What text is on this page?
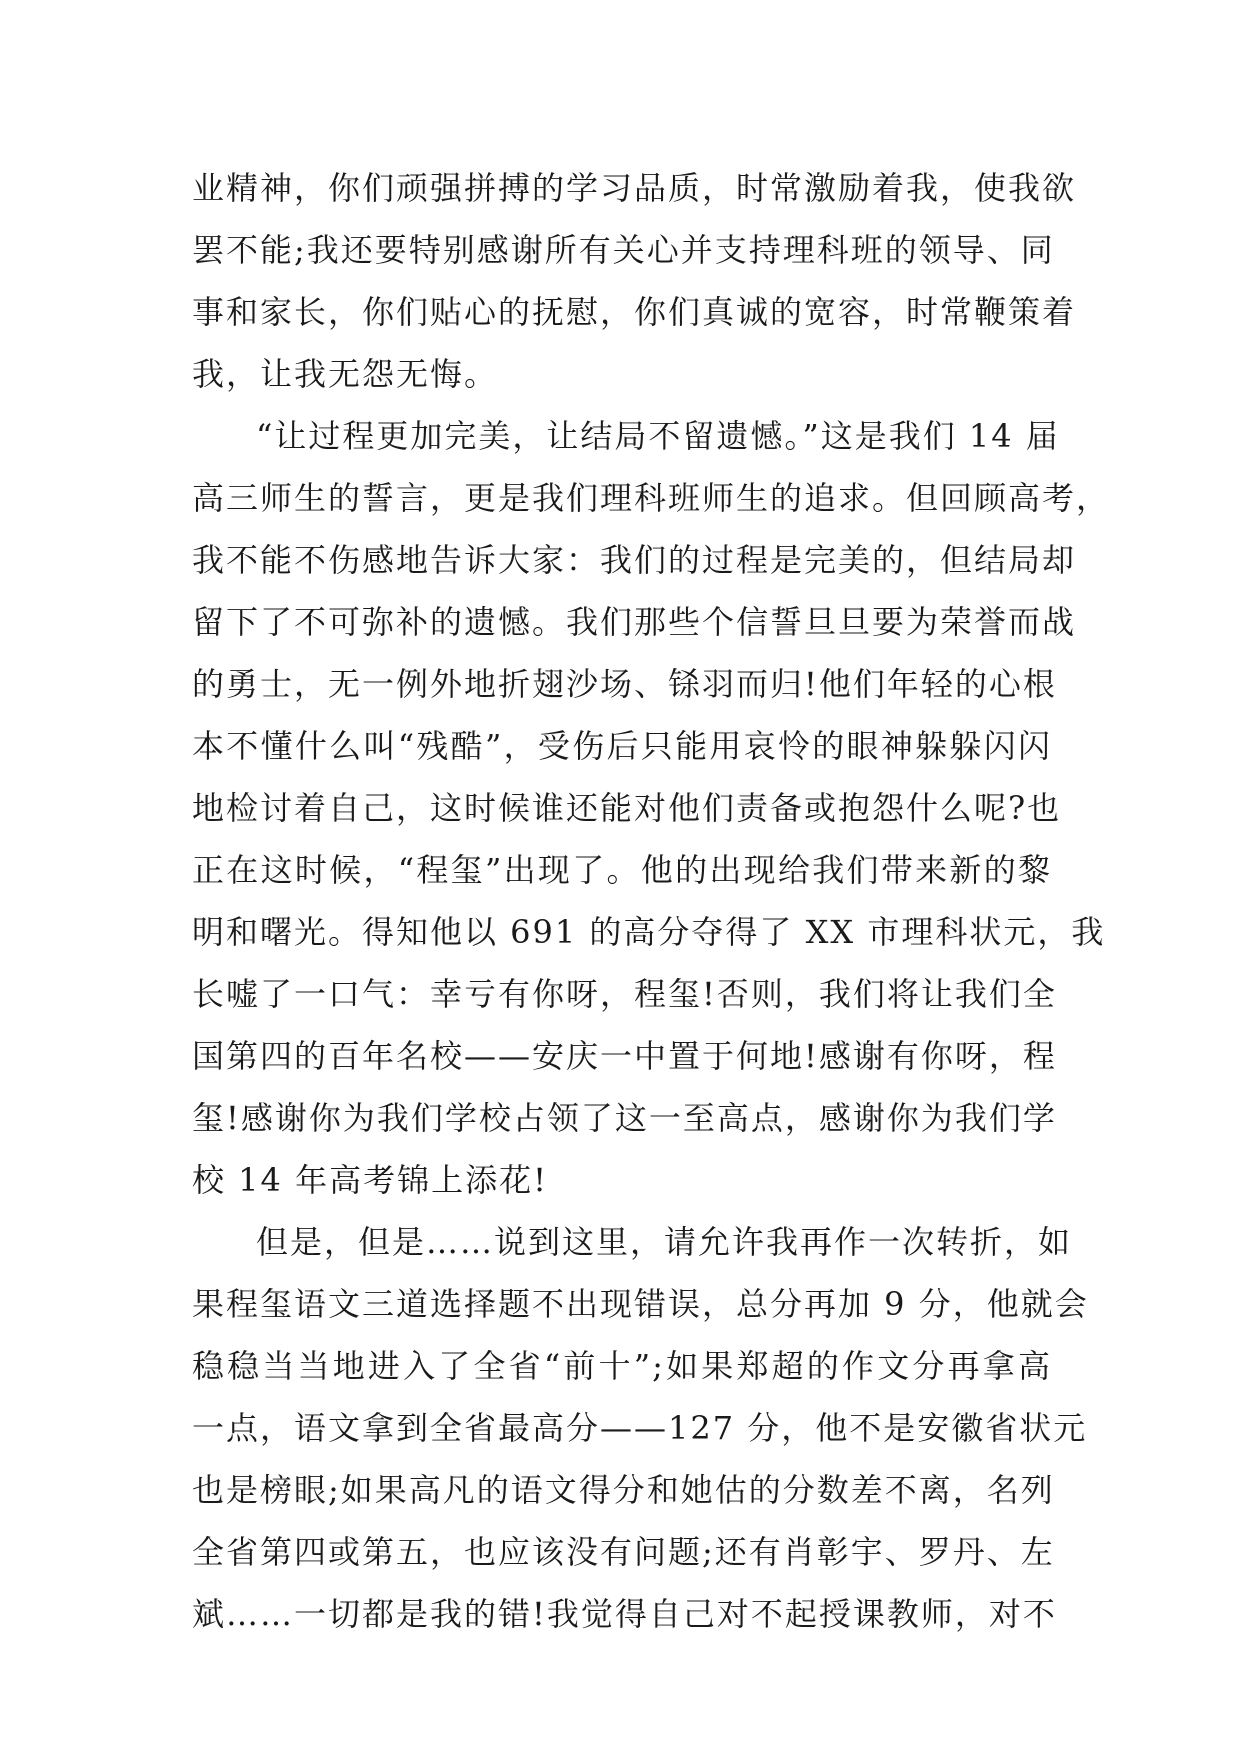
业精神，你们顽强拼搏的学习品质，时常激励着我，使我欲
罢不能;我还要特别感谢所有关心并支持理科班的领导、同
事和家长，你们贴心的抚慰，你们真诚的宽容，时常鞭策着
我，让我无怨无悔。
“让过程更加完美，让结局不留遗憾。”这是我们 14 届
高三师生的誓言，更是我们理科班师生的追求。但回顾高考，
我不能不伤感地告诉大家：我们的过程是完美的，但结局却
留下了不可弥补的遗憾。我们那些个信誓旦旦要为荣誉而战
的勇士，无一例外地折翅沙场、铩羽而归!他们年轻的心根
本不懂什么叫“残酷”，受伤后只能用哀怜的眼神躲躲闪闪
地检讨着自己，这时候谁还能对他们责备或抱怨什么呢?也
正在这时候，“程玺”出现了。他的出现给我们带来新的黎
明和曙光。得知他以 691 的高分夺得了 XX 市理科状元，我
长嘘了一口气：幸亏有你呀，程玺!否则，我们将让我们全
国第四的百年名校——安庆一中置于何地!感谢有你呀，程
玺!感谢你为我们学校占领了这一至高点，感谢你为我们学
校 14 年高考锦上添花!
但是，但是……说到这里，请允许我再作一次转折，如
果程玺语文三道选择题不出现错误，总分再加 9 分，他就会
稳稳当当地进入了全省“前十”;如果郑超的作文分再拿高
一点，语文拿到全省最高分——127 分，他不是安徽省状元
也是榜眼;如果高凡的语文得分和她估的分数差不离，名列
全省第四或第五，也应该没有问题;还有肖彰宇、罗丹、左
斌……一切都是我的错!我觉得自己对不起授课教师，对不
